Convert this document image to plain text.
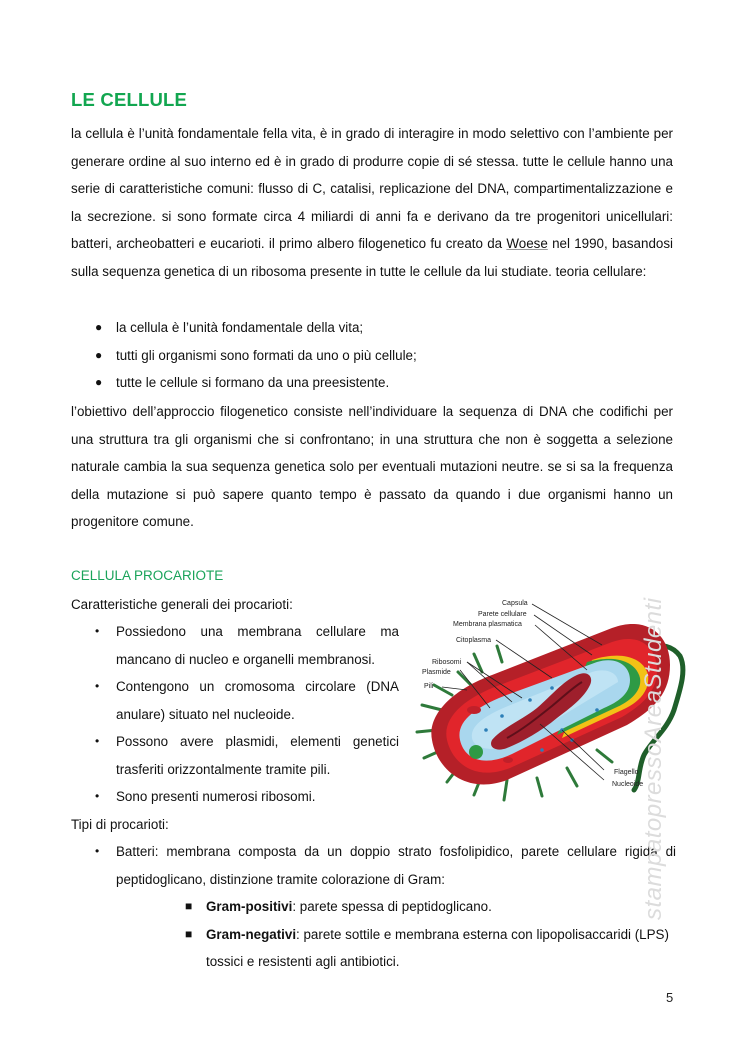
LE CELLULE
la cellula è l’unità fondamentale fella vita, è in grado di interagire in modo selettivo con l’ambiente per generare ordine al suo interno ed è in grado di produrre copie di sé stessa. tutte le cellule hanno una serie di caratteristiche comuni: flusso di C, catalisi, replicazione del DNA, compartimentalizzazione e la secrezione. si sono formate circa 4 miliardi di anni fa e derivano da tre progenitori unicellulari: batteri, archeobatteri e eucarioti. il primo albero filogenetico fu creato da Woese nel 1990, basandosi sulla sequenza genetica di un ribosoma presente in tutte le cellule da lui studiate. teoria cellulare:
● la cellula è l’unità fondamentale della vita;
● tutti gli organismi sono formati da uno o più cellule;
● tutte le cellule si formano da una preesistente.
l’obiettivo dell’approccio filogenetico consiste nell’individuare la sequenza di DNA che codifichi per una struttura tra gli organismi che si confrontano; in una struttura che non è soggetta a selezione naturale cambia la sua sequenza genetica solo per eventuali mutazioni neutre. se si sa la frequenza della mutazione si può sapere quanto tempo è passato da quando i due organismi hanno un progenitore comune.
CELLULA PROCARIOTE
Caratteristiche generali dei procarioti:
• Possiedono una membrana cellulare ma mancano di nucleo e organelli membranosi.
• Contengono un cromosoma circolare (DNA anulare) situato nel nucleoide.
• Possono avere plasmidi, elementi genetici trasferiti orizzontalmente tramite pili.
• Sono presenti numerosi ribosomi.
Capsula
Parete cellulare
Membrana plasmatica
Citoplasma
Ribosomi
Plasmide
Pili
Flagello
Nucleoide
Tipi di procarioti:
• Batteri: membrana composta da un doppio strato fosfolipidico, parete cellulare rigida di peptidoglicano, distinzione tramite colorazione di Gram:
■ Gram-positivi: parete spessa di peptidoglicano.
■ Gram-negativi: parete sottile e membrana esterna con lipopolisaccaridi (LPS) tossici e resistenti agli antibiotici.
stampatopressoAreaStudenti
5
